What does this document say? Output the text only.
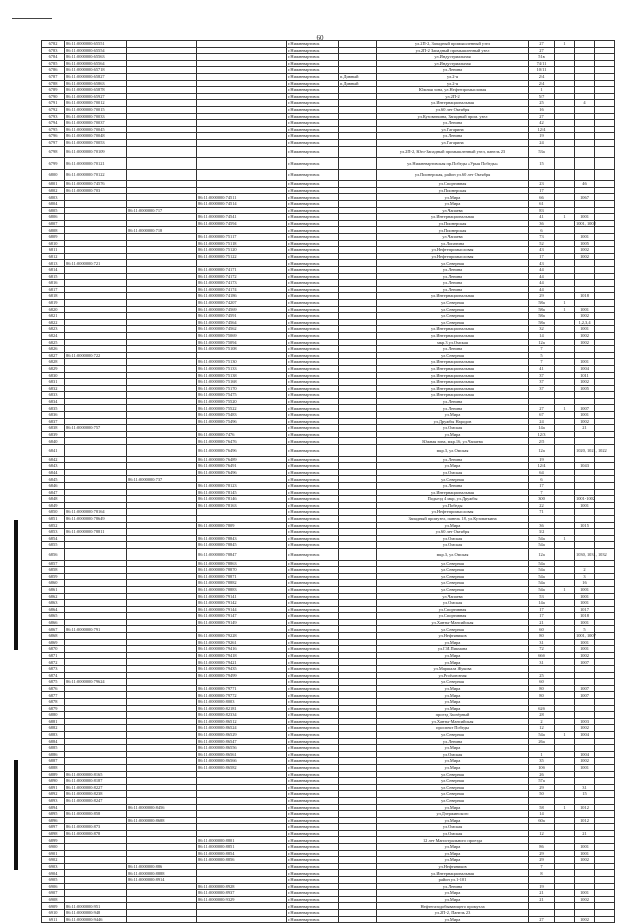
60
6782	86:11:0000000:65551			г.Нижневартовск		ул.2П-2, Западный промышленный узел	27	1		
6783	86:11:0000000:65554			г.Нижневартовск		ул.2П-2 Западный промышленный узел	27			
6784	86:11:0000000:65563			г.Нижневартовск		ул.Индустриальная	51в			
6785	86:11:0000000:65564			г.Нижневартовск		ул.Индустриальная	74/11			
6786	86:11:0000000:65718			г.Нижневартовск		ул.Ленина	10/11			
6787	86:11:0000000:65827			г.Нижневартовск	п.Дивный	ул.2-я	2/4			
6788	86:11:0000000:65863			г.Нижневартовск	п.Дивный	ул.2-я	2/4			
6789	86:11:0000000:65878			г.Нижневартовск		Южная зона, ул.Нефтепромысловая	1			
6790	86:11:0000000:65927			г.Нижневартовск		ул.2П-2	5/7			
6791	86:11:0000000:70012			г.Нижневартовск		ул.Интернациональная	25		4	
6792	86:11:0000000:70015			г.Нижневартовск		ул.60 лет Октября	16			
6793	86:11:0000000:70033			г.Нижневартовск		ул.Кузоваткина, Западный пром. узел	27			
6794	86:11:0000000:70037			г.Нижневартовск		ул.Ленина	42			
6795	86:11:0000000:70045			г.Нижневартовск		ул.Гагарина	12/4			
6796	86:11:0000000:70048			г.Нижневартовск		ул.Ленина	19			
6797	86:11:0000000:70053			г.Нижневартовск		ул.Гагарина	24			
6798	86:11:0000000:70109			г.Нижневартовск		ул.2П-2, Юго-Западный промышленный узел, панель 23	53а			
6799	86:11:0000000:70121			г.Нижневартовск		ул.Нижневартовская пр.Победы «Урыя Победы»	15			
6800	86:11:0000000:70122			г.Нижневартовск		ул.Пионерская, район ул.60 лет Октября				
6801	86:11:0000000:74576			г.Нижневартовск		ул.Спортивная	23		46	
6802	86:11:0000000:703			г.Нижневартовск		ул.Пионерская	17			
6803			86:11:0000000:74511	г.Нижневартовск		ул.Мира	66		1067	
6804			86:11:0000000:74514	г.Нижневартовск		ул.Мира	61			
6805		86:11:0000000:717		г.Нижневартовск		ул.Чапаева	83			
6806			86:11:0000000:74541	г.Нижневартовск		ул.Интернациональная	41	1	1001	
6807			86:11:0000000:74594	г.Нижневартовск		ул.Пионерская	36		1001, 1002	
6808		86:11:0000000:718		г.Нижневартовск		ул.Пионерская	6			
6809			86:11:0000000:75117	г.Нижневартовск		ул.Чапаева	73		1001	
6810			86:11:0000000:75118	г.Нижневартовск		ул.Лопатина	52		1005	
6811			86:11:0000000:75120	г.Нижневартовск		ул.Нефтепромысловая	43		1002	
6812			86:11:0000000:75122	г.Нижневартовск		ул.Нефтепромысловая	17		1002	
6813	86:11:0000000:721			г.Нижневартовск		ул.Северная	43			
6814			86:11:0000000:74171	г.Нижневартовск		ул.Ленина	44			
6815			86:11:0000000:74172	г.Нижневартовск		ул.Ленина	44			
6816			86:11:0000000:74173	г.Нижневартовск		ул.Ленина	44			
6817			86:11:0000000:74174	г.Нижневартовск		ул.Ленина	44			
6818			86:11:0000000:74186	г.Нижневартовск		ул.Интернациональная	29		1018	
6819			86:11:0000000:74207	г.Нижневартовск		ул.Северная	58а	1		
6820			86:11:0000000:74569	г.Нижневартовск		ул.Северная	58а	1	1001	
6821			86:11:0000000:74591	г.Нижневартовск		ул.Северная	58а		1002	
6822			86:11:0000000:74564	г.Нижневартовск		ул.Северная	58а		1,2,3,4	
6823			86:11:0000000:74562	г.Нижневартовск		ул.Интернациональная	32		1001	
6824			86:11:0000000:75069	г.Нижневартовск		ул.Интернациональная	14		1002	
6825			86:11:0000000:75094	г.Нижневартовск		мкр.3 ул.Омская	12а		1002	
6826			86:11:0000000:75108	г.Нижневартовск		ул.Ленина	7			
6827	86:11:0000000:722			г.Нижневартовск		ул.Северная	5			
6828			86:11:0000000:75130	г.Нижневартовск		ул.Интернациональная	7		1001	
6829			86:11:0000000:75133	г.Нижневартовск		ул.Интернациональная	41		1004	
6830			86:11:0000000:75138	г.Нижневартовск		ул.Интернациональная	37		1011	
6831			86:11:0000000:75168	г.Нижневартовск		ул.Интернациональная	37		1002	
6832			86:11:0000000:75170	г.Нижневартовск		ул.Интернациональная	37		1005	
6833			86:11:0000000:75475	г.Нижневартовск		ул.Интернациональная				
6834			86:11:0000000:75520	г.Нижневартовск		ул.Ленина				
6835			86:11:0000000:75522	г.Нижневартовск		ул.Ленина	27	1	1007	
6836			86:11:0000000:75483	г.Нижневартовск		ул.Мира	67		1001	
6837			86:11:0000000:75496	г.Нижневартовск		ул.Дружбы Народов	24		1002	
6838	86:11:0000000:757			г.Нижневартовск		ул.Омская	14а		21	
6839			86:11:0000000:7476	г.Нижневартовск		ул.Мира	12/3			
6840			86:11:0000000:76476	г.Нижневартовск		Южная зона, мкр.16, ул.Чапаева	2/5			
6841			86:11:0000000:76496	г.Нижневартовск		мкр.3, ул.Омская	12а		1020, 1021, 1022	
6842			86:11:0000000:76489	г.Нижневартовск		ул.Ленина	19			
6843			86:11:0000000:76491	г.Нижневартовск		ул.Мира	12/4		1043	
6844			86:11:0000000:76496	г.Нижневартовск		ул.Омская	64			
6845		86:11:0000000:737		г.Нижневартовск		ул.Северная	6			
6846			86:11:0000000:78123	г.Нижневартовск		ул.Ленина	17			
6847			86:11:0000000:78145	г.Нижневартовск		ул.Интернациональная	7			
6848			86:11:0000000:78146	г.Нижневартовск		Подьезд 4 мкр, ул.Дружбы	300		1001-1002	
6849			86:11:0000000:78163	г.Нижневартовск		ул.Победы	22		1001	
6850	86:11:0000000:78164			г.Нижневартовск		ул.Нефтепромысловая	71			
6851	86:11:0000000:78649			г.Нижневартовск		Западный промузел, панель 18, ул.Кузоваткина				
6852			86:11:0000000:7809	г.Нижневартовск		ул.Мира	36		1015	
6853	86:11:0000000:78811			г.Нижневартовск		ул.60 лет Октября	3/2			
6854			86:11:0000000:78843	г.Нижневартовск		ул.Омская	54а	1		
6855			86:11:0000000:78845	г.Нижневартовск		ул.Омская	54а			
6856			86:11:0000000:78847	г.Нижневартовск		мкр.3, ул.Омская	12а		1030, 1031, 1032	
6857			86:11:0000000:78863	г.Нижневартовск		ул.Северная	54а			
6858			86:11:0000000:78870	г.Нижневартовск		ул.Северная	54а		2	
6859			86:11:0000000:78871	г.Нижневартовск		ул.Северная	54а		3	
6860			86:11:0000000:78882	г.Нижневартовск		ул.Северная	54а		16	
6861			86:11:0000000:78883	г.Нижневартовск		ул.Северная	54а	1	1001	
6862			86:11:0000000:79141	г.Нижневартовск		ул.Чапаева	53		1001	
6863			86:11:0000000:79142	г.Нижневартовск		ул.Омская	14а		1001	
6864			86:11:0000000:79144	г.Нижневартовск		ул.Спортивная	17		1017	
6865			86:11:0000000:79147	г.Нижневартовск		ул.Спортивная	17		1018	
6866			86:11:0000000:79149	г.Нижневартовск		ул.Ханты-Мансийская	21		1001	
6867	86:11:0000000:791			г.Нижневартовск		ул.Северная	60		5	
6868			86:11:0000000:79228	г.Нижневартовск		ул.Нефтяников	80		1001, 1007	
6869			86:11:0000000:79261	г.Нижневартовск		ул.Мира	31		1001	
6870			86:11:0000000:79416	г.Нижневартовск		ул.Г.И.Пикмана	72		1001	
6871			86:11:0000000:79418	г.Нижневартовск		ул.Мира	66б		1002	
6872			86:11:0000000:79421	г.Нижневартовск		ул.Мира	31		1007	
6873			86:11:0000000:79435	г.Нижневартовск		ул.Маршала Жукова				
6874			86:11:0000000:79499	г.Нижневартовск		ул.Profsoюзная	25			
6875	86:11:0000000:79624			г.Нижневартовск		ул.Северная	60			
6876			86:11:0000000:79771	г.Нижневартовск		ул.Мира	80		1007	
6877			86:11:0000000:79772	г.Нижневартовск		ул.Мира	80		1007	
6878			86:11:0000000:8003	г.Нижневартовск		ул.Мира				
6879			86:11:0000000:82181	г.Нижневартовск		ул.Мира	62б			
6880			86:11:0000000:82334	г.Нижневартовск		проезд Заозёрный	28			
6881			86:11:0000000:86512	г.Нижневартовск		ул.Ханты-Мансийская	2		1003	
6882			86:11:0000000:86524	г.Нижневартовск		проспект Победы	12		1002	
6883			86:11:0000000:86529	г.Нижневартовск		ул.Северная	54а	1	1004	
6884			86:11:0000000:86547	г.Нижневартовск		ул.Ленина	26а			
6885			86:11:0000000:86556	г.Нижневартовск		ул.Мира				
6886			86:11:0000000:86561	г.Нижневартовск		ул.Омская	1		1004	
6887			86:11:0000000:86566	г.Нижневартовск		ул.Мира	35		1002	
6888			86:11:0000000:86582	г.Нижневартовск		ул.Мира	10б		1001	
6889	86:11:0000000:8165			г.Нижневартовск		ул.Северная	26			
6890	86:11:0000000:8187			г.Нижневартовск		ул.Северная	57а			
6891	86:11:0000000:8227			г.Нижневартовск		ул.Северная	29		31	
6892	86:11:0000000:8238			г.Нижневартовск		ул.Северная	50		15	
6893	86:11:0000000:8247			г.Нижневартовск		ул.Северная				
6894		86:11:0000000:8456		г.Нижневартовск		ул.Мира	58	1	1012	
6895	86:11:0000000:858			г.Нижневартовск		ул.Дзержинского	14			
6896		86:11:0000000:8688		г.Нижневартовск		ул.Мира	60а		1012	
6897	86:11:0000000:873			г.Нижневартовск		ул.Омская				
6898	86:11:0000000:878			г.Нижневартовск		ул.Омская	12		21	
6899			86:11:0000000:8801	г.Нижневартовск		12 лет Магистрального проезда				
6900			86:11:0000000:8851	г.Нижневартовск		ул.Мира	86		1001	
6901			86:11:0000000:8854	г.Нижневартовск		ул.Мира	29		1001	
6902			86:11:0000000:8856	г.Нижневартовск		ул.Мира	29		1002	
6903		86:11:0000000:886		г.Нижневартовск		ул.Нефтяников	7			
6904		86:11:0000000:8888		г.Нижневартовск		ул.Интернациональная	8			
6905		86:11:0000000:8914		г.Нижневартовск		район ул.1-101				
6906			86:11:0000000:8928	г.Нижневартовск		ул.Ленина	19			
6907			86:11:0000000:8937	г.Нижневартовск		ул.Мира	21		1001	
6908			86:11:0000000:9329	г.Нижневартовск		ул.Мира	21		1002	
6909	86:11:0000000:951			г.Нижневартовск		Нефтегазодобывающего промузла				
6910	86:11:0000000:948			г.Нижневартовск		ул.2П-2, Панель 23				
6911	86:11:0000000:9446			г.Нижневартовск		ул.Мира	27		1002	
